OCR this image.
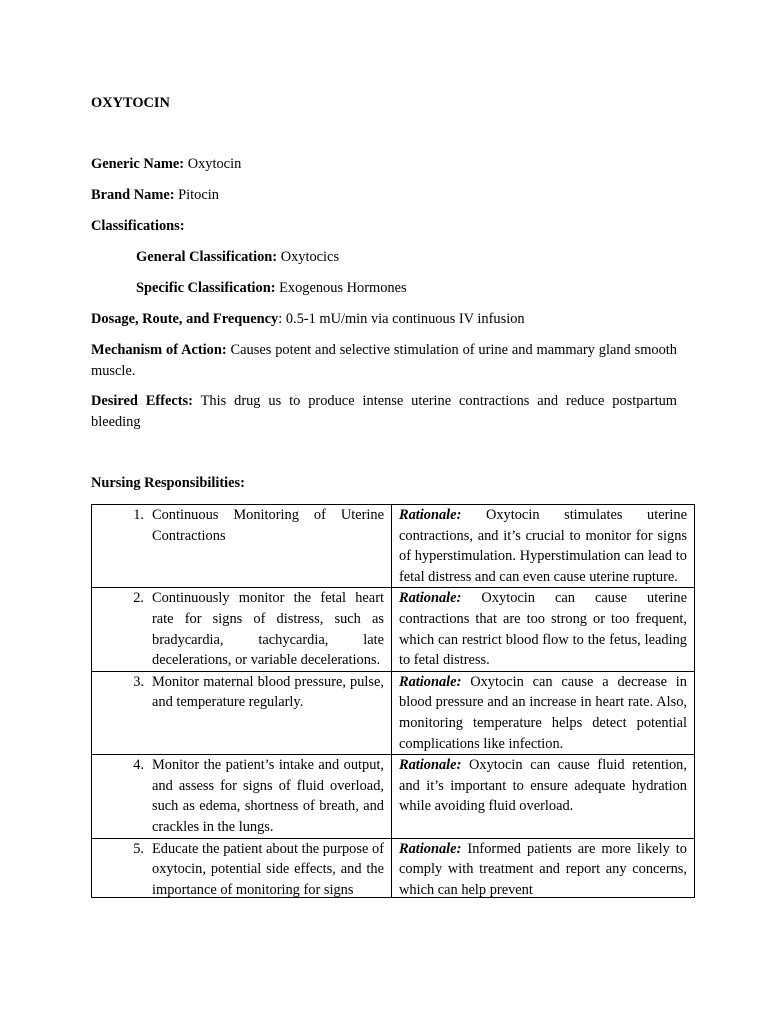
OXYTOCIN
Generic Name: Oxytocin
Brand Name: Pitocin
Classifications:
General Classification: Oxytocics
Specific Classification: Exogenous Hormones
Dosage, Route, and Frequency: 0.5-1 mU/min via continuous IV infusion
Mechanism of Action: Causes potent and selective stimulation of urine and mammary gland smooth muscle.
Desired Effects: This drug us to produce intense uterine contractions and reduce postpartum bleeding
Nursing Responsibilities:
1. Continuous Monitoring of Uterine Contractions	Rationale: Oxytocin stimulates uterine contractions, and it’s crucial to monitor for signs of hyperstimulation. Hyperstimulation can lead to fetal distress and can even cause uterine rupture.

2. Continuously monitor the fetal heart rate for signs of distress, such as bradycardia, tachycardia, late decelerations, or variable decelerations.	Rationale: Oxytocin can cause uterine contractions that are too strong or too frequent, which can restrict blood flow to the fetus, leading to fetal distress.

3. Monitor maternal blood pressure, pulse, and temperature regularly.	Rationale: Oxytocin can cause a decrease in blood pressure and an increase in heart rate. Also, monitoring temperature helps detect potential complications like infection.

4. Monitor the patient’s intake and output, and assess for signs of fluid overload, such as edema, shortness of breath, and crackles in the lungs.	Rationale: Oxytocin can cause fluid retention, and it’s important to ensure adequate hydration while avoiding fluid overload.

5. Educate the patient about the purpose of oxytocin, potential side effects, and the importance of monitoring for signs	Rationale: Informed patients are more likely to comply with treatment and report any concerns, which can help prevent
